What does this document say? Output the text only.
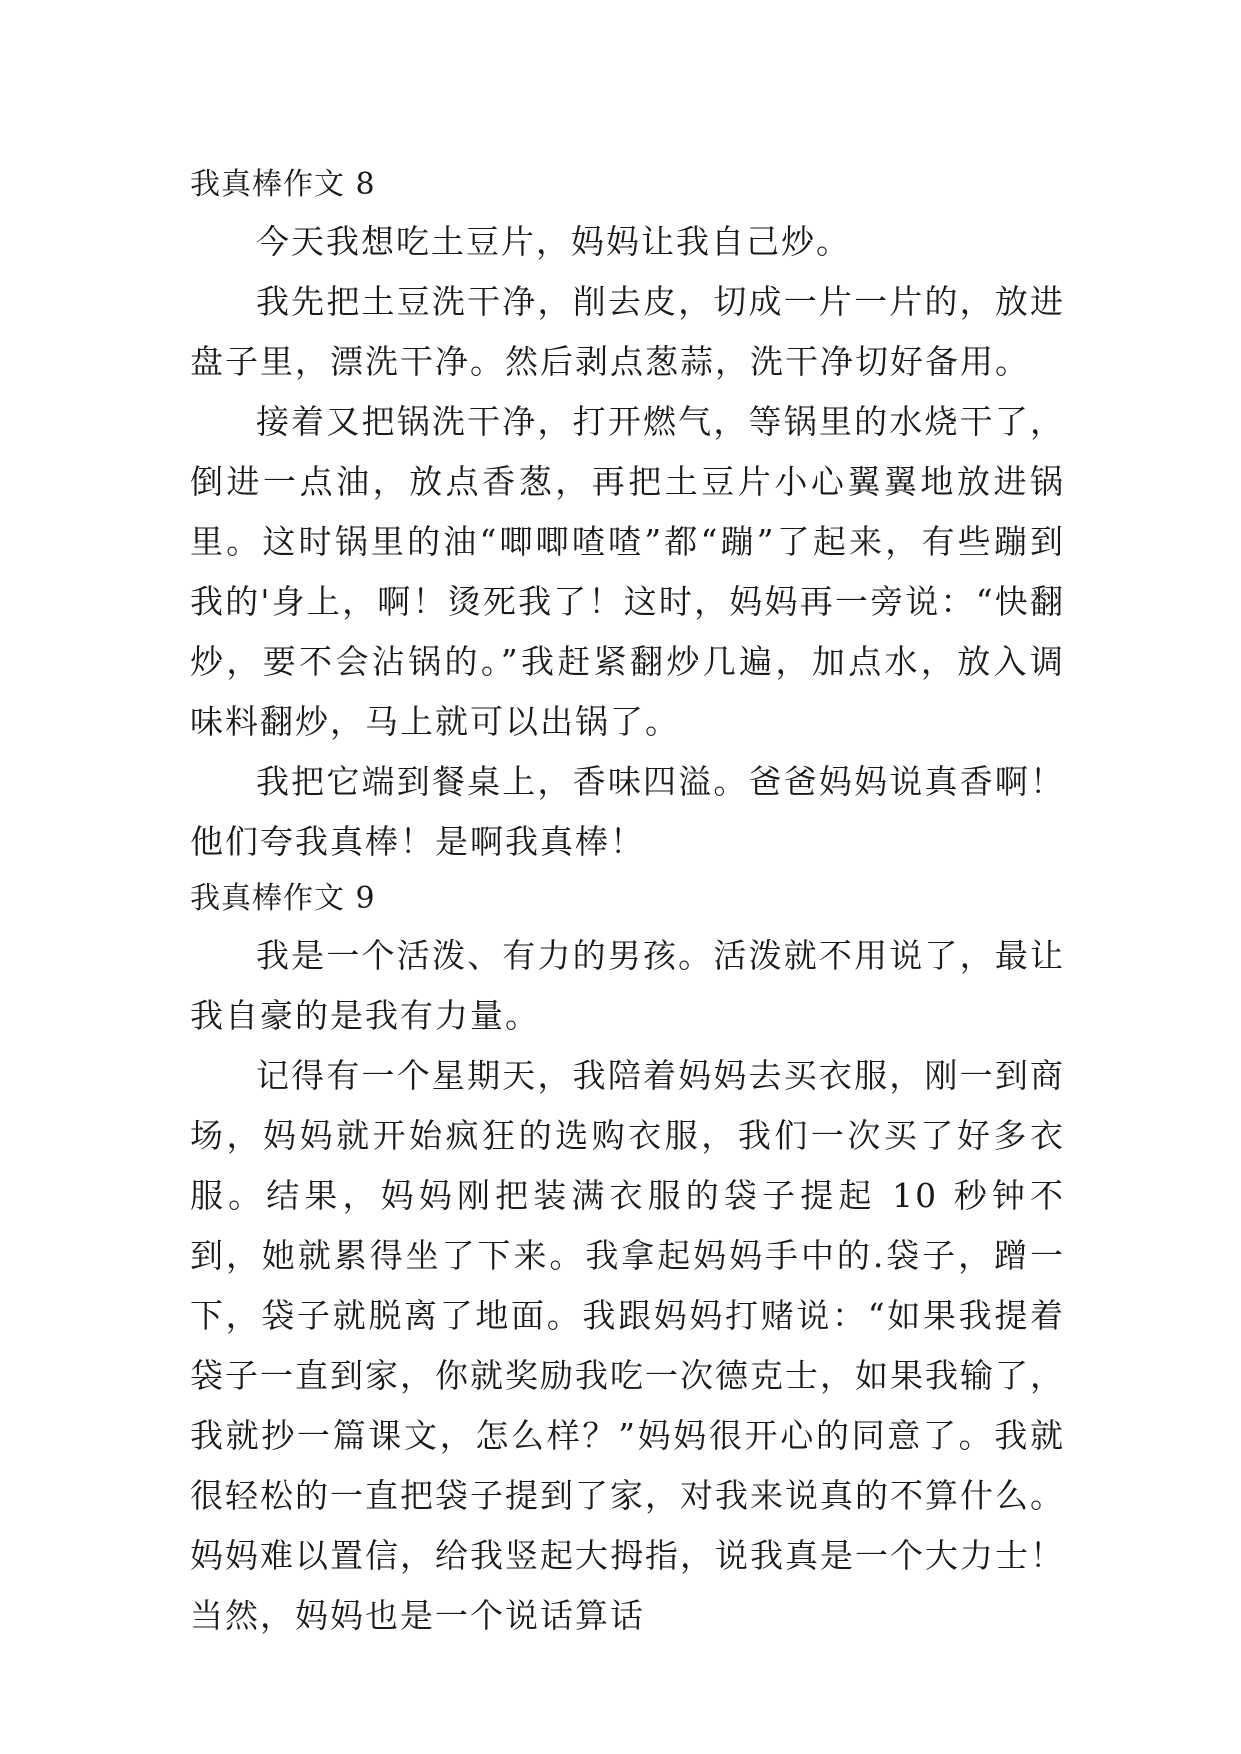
我真棒作文 8

今天我想吃土豆片，妈妈让我自己炒。

我先把土豆洗干净，削去皮，切成一片一片的，放进盘子里，漂洗干净。然后剥点葱蒜，洗干净切好备用。

接着又把锅洗干净，打开燃气，等锅里的水烧干了，倒进一点油，放点香葱，再把土豆片小心翼翼地放进锅里。这时锅里的油“唧唧喳喳”都“蹦”了起来，有些蹦到我的'身上，啊！烫死我了！这时，妈妈再一旁说：“快翻炒，要不会沾锅的。”我赶紧翻炒几遍，加点水，放入调味料翻炒，马上就可以出锅了。

我把它端到餐桌上，香味四溢。爸爸妈妈说真香啊！他们夸我真棒！是啊我真棒！

我真棒作文 9

我是一个活泼、有力的男孩。活泼就不用说了，最让我自豪的是我有力量。

记得有一个星期天，我陪着妈妈去买衣服，刚一到商场，妈妈就开始疯狂的选购衣服，我们一次买了好多衣服。结果，妈妈刚把装满衣服的袋子提起 10 秒钟不到，她就累得坐了下来。我拿起妈妈手中的.袋子，蹭一下，袋子就脱离了地面。我跟妈妈打赌说：“如果我提着袋子一直到家，你就奖励我吃一次德克士，如果我输了，我就抄一篇课文，怎么样？”妈妈很开心的同意了。我就很轻松的一直把袋子提到了家，对我来说真的不算什么。妈妈难以置信，给我竖起大拇指，说我真是一个大力士！当然，妈妈也是一个说话算话
